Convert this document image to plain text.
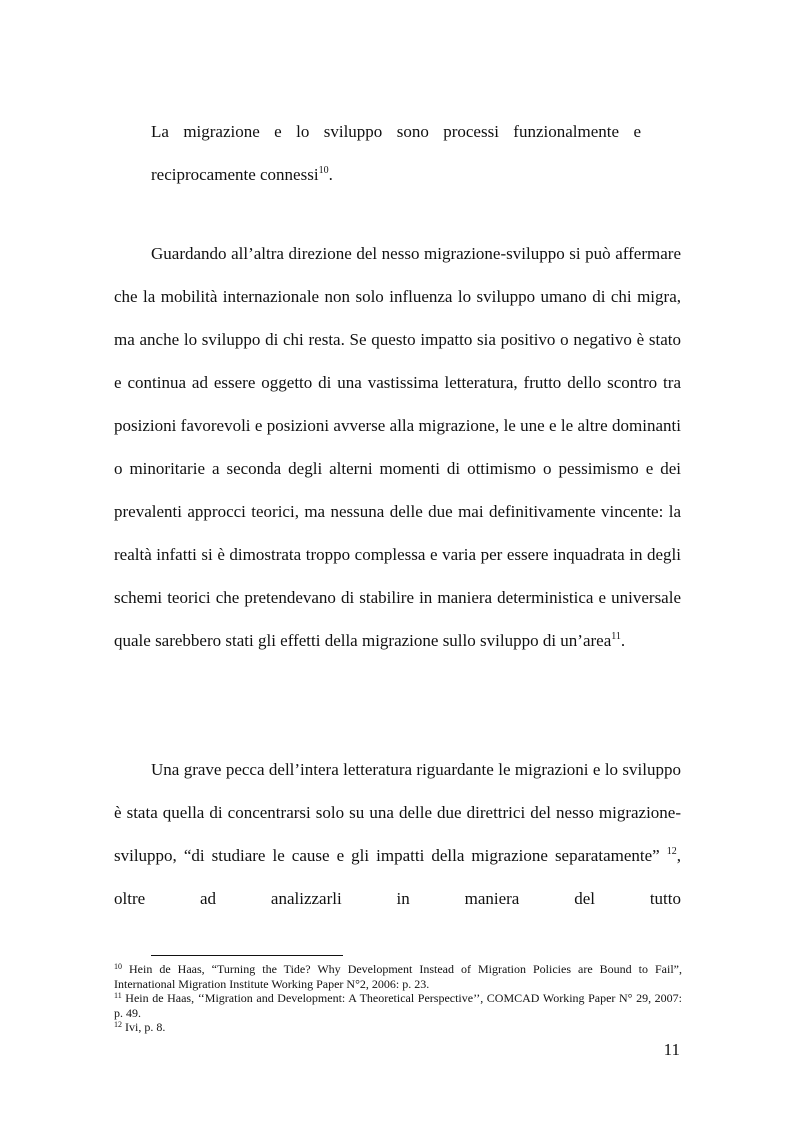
La migrazione e lo sviluppo sono processi funzionalmente e reciprocamente connessi$^{10}$.

Guardando all’altra direzione del nesso migrazione-sviluppo si può affermare che la mobilità internazionale non solo influenza lo sviluppo umano di chi migra, ma anche lo sviluppo di chi resta. Se questo impatto sia positivo o negativo è stato e continua ad essere oggetto di una vastissima letteratura, frutto dello scontro tra posizioni favorevoli e posizioni avverse alla migrazione, le une e le altre dominanti o minoritarie a seconda degli alterni momenti di ottimismo o pessimismo e dei prevalenti approcci teorici, ma nessuna delle due mai definitivamente vincente: la realtà infatti si è dimostrata troppo complessa e varia per essere inquadrata in degli schemi teorici che pretendevano di stabilire in maniera deterministica e universale quale sarebbero stati gli effetti della migrazione sullo sviluppo di un’area$^{11}$.

Una grave pecca dell’intera letteratura riguardante le migrazioni e lo sviluppo è stata quella di concentrarsi solo su una delle due direttrici del nesso migrazione-sviluppo, “di studiare le cause e gli impatti della migrazione separatamente” $^{12}$, oltre ad analizzarli in maniera del tutto

$^{10}$ Hein de Haas, “Turning the Tide? Why Development Instead of Migration Policies are Bound to Fail”, International Migration Institute Working Paper N°2, 2006: p. 23.

$^{11}$ Hein de Haas, ‘‘Migration and Development: A Theoretical Perspective’’, COMCAD Working Paper N° 29, 2007: p. 49.

$^{12}$ Ivi, p. 8.

11
